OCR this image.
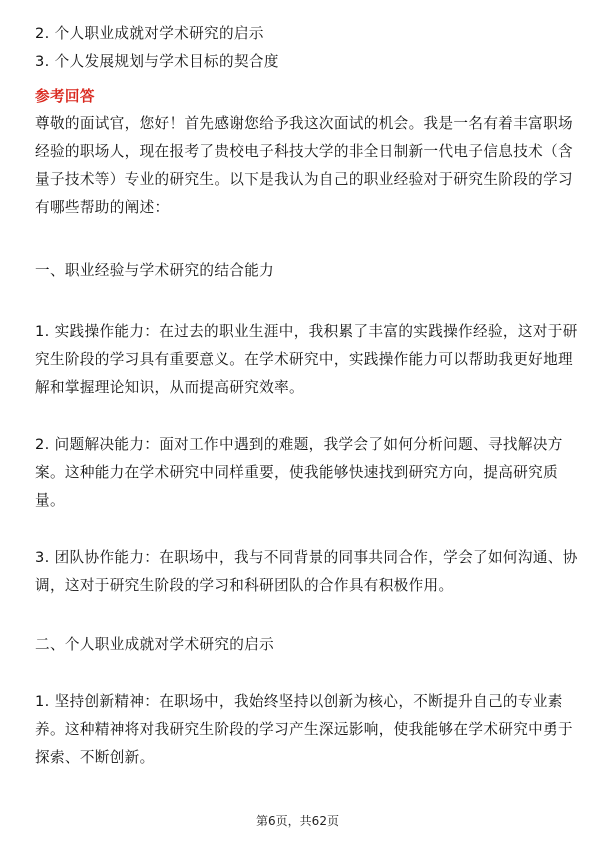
2. 个人职业成就对学术研究的启示
3. 个人发展规划与学术目标的契合度
参考回答
尊敬的面试官，您好！首先感谢您给予我这次面试的机会。我是一名有着丰富职场
经验的职场人，现在报考了贵校电子科技大学的非全日制新一代电子信息技术（含
量子技术等）专业的研究生。以下是我认为自己的职业经验对于研究生阶段的学习
有哪些帮助的阐述：
一、职业经验与学术研究的结合能力
1. 实践操作能力：在过去的职业生涯中，我积累了丰富的实践操作经验，这对于研
究生阶段的学习具有重要意义。在学术研究中，实践操作能力可以帮助我更好地理
解和掌握理论知识，从而提高研究效率。
2. 问题解决能力：面对工作中遇到的难题，我学会了如何分析问题、寻找解决方
案。这种能力在学术研究中同样重要，使我能够快速找到研究方向，提高研究质
量。
3. 团队协作能力：在职场中，我与不同背景的同事共同合作，学会了如何沟通、协
调，这对于研究生阶段的学习和科研团队的合作具有积极作用。
二、个人职业成就对学术研究的启示
1. 坚持创新精神：在职场中，我始终坚持以创新为核心，不断提升自己的专业素
养。这种精神将对我研究生阶段的学习产生深远影响，使我能够在学术研究中勇于
探索、不断创新。
第6页，共62页
